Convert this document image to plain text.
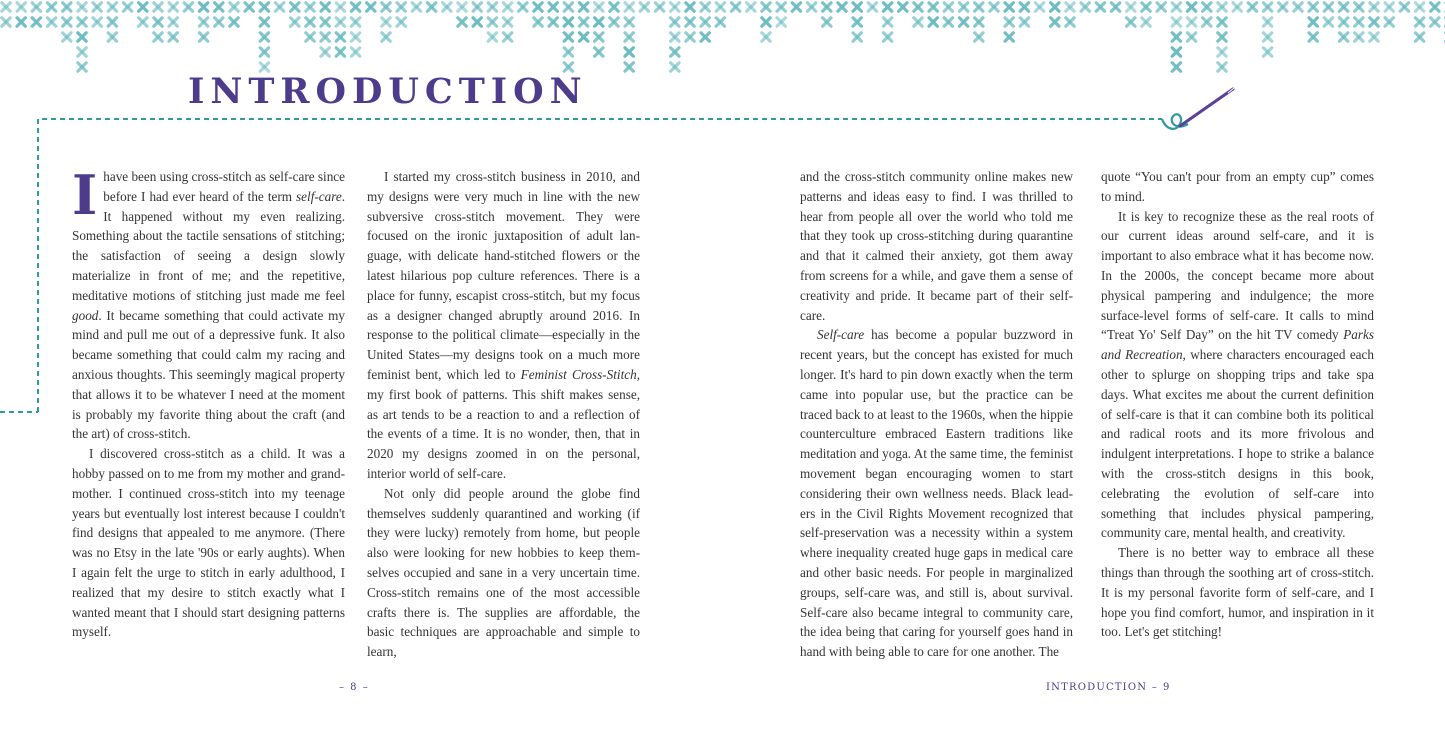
INTRODUCTION

Ihave been using cross-stitch as self-care since before I had ever heard of the term self-care. It happened without my even realizing. Something about the tactile sensations of stitching; the satisfaction of seeing a design slowly materialize in front of me; and the repetitive, meditative motions of stitching just made me feel good. It became something that could activate my mind and pull me out of a depressive funk. It also became something that could calm my racing and anxious thoughts. This seemingly magical property that allows it to be whatever I need at the moment is probably my favorite thing about the craft (and the art) of cross-stitch.

I discovered cross-stitch as a child. It was a hobby passed on to me from my mother and grandmother. I continued cross-stitch into my teenage years but eventually lost interest because I couldn't find designs that appealed to me anymore. (There was no Etsy in the late '90s or early aughts). When I again felt the urge to stitch in early adulthood, I realized that my desire to stitch exactly what I wanted meant that I should start designing patterns myself.

I started my cross-stitch business in 2010, and my designs were very much in line with the new subversive cross-stitch movement. They were focused on the ironic juxtaposition of adult language, with delicate hand-stitched flowers or the latest hilarious pop culture references. There is a place for funny, escapist cross-stitch, but my focus as a designer changed abruptly around 2016. In response to the political climate—especially in the United States—my designs took on a much more feminist bent, which led to Feminist Cross-Stitch, my first book of patterns. This shift makes sense, as art tends to be a reaction to and a reflection of the events of a time. It is no wonder, then, that in 2020 my designs zoomed in on the personal, interior world of self-care.

Not only did people around the globe find themselves suddenly quarantined and working (if they were lucky) remotely from home, but people also were looking for new hobbies to keep themselves occupied and sane in a very uncertain time. Cross-stitch remains one of the most accessible crafts there is. The supplies are affordable, the basic techniques are approachable and simple to learn,

and the cross-stitch community online makes new patterns and ideas easy to find. I was thrilled to hear from people all over the world who told me that they took up cross-stitching during quarantine and that it calmed their anxiety, got them away from screens for a while, and gave them a sense of creativity and pride. It became part of their self-care.

Self-care has become a popular buzzword in recent years, but the concept has existed for much longer. It's hard to pin down exactly when the term came into popular use, but the practice can be traced back to at least to the 1960s, when the hippie counterculture embraced Eastern traditions like meditation and yoga. At the same time, the feminist movement began encouraging women to start considering their own wellness needs. Black leaders in the Civil Rights Movement recognized that self-preservation was a necessity within a system where inequality created huge gaps in medical care and other basic needs. For people in marginalized groups, self-care was, and still is, about survival. Self-care also became integral to community care, the idea being that caring for yourself goes hand in hand with being able to care for one another. The

quote “You can't pour from an empty cup” comes to mind.

It is key to recognize these as the real roots of our current ideas around self-care, and it is important to also embrace what it has become now. In the 2000s, the concept became more about physical pampering and indulgence; the more surface-level forms of self-care. It calls to mind “Treat Yo' Self Day” on the hit TV comedy Parks and Recreation, where characters encouraged each other to splurge on shopping trips and take spa days. What excites me about the current definition of self-care is that it can combine both its political and radical roots and its more frivolous and indulgent interpretations. I hope to strike a balance with the cross-stitch designs in this book, celebrating the evolution of self-care into something that includes physical pampering, community care, mental health, and creativity.

There is no better way to embrace all these things than through the soothing art of cross-stitch. It is my personal favorite form of self-care, and I hope you find comfort, humor, and inspiration in it too. Let's get stitching!

– 8 –	INTRODUCTION – 9
